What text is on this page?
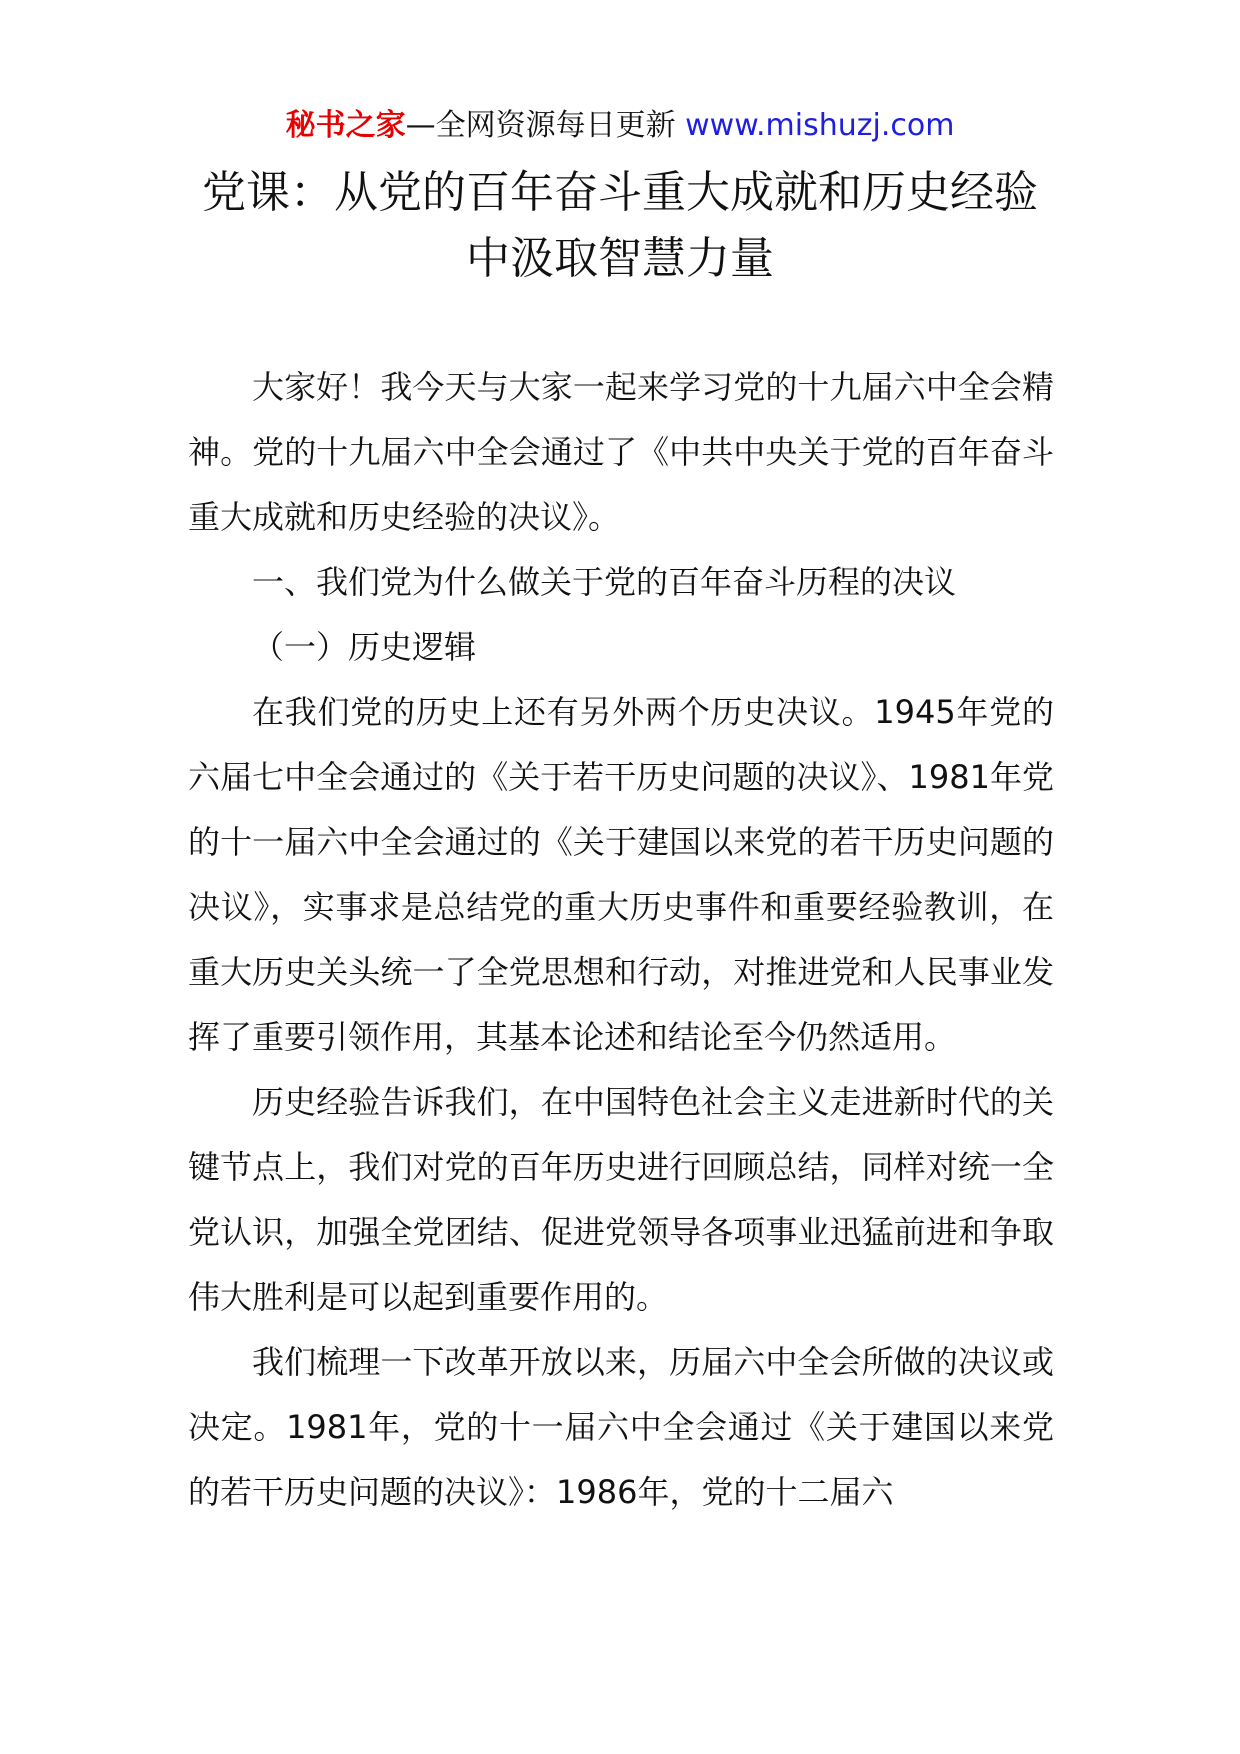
秘书之家—全网资源每日更新 www.mishuzj.com
党课：从党的百年奋斗重大成就和历史经验中汲取智慧力量

大家好！我今天与大家一起来学习党的十九届六中全会精神。党的十九届六中全会通过了《中共中央关于党的百年奋斗重大成就和历史经验的决议》。

一、我们党为什么做关于党的百年奋斗历程的决议

（一）历史逻辑

在我们党的历史上还有另外两个历史决议。1945年党的六届七中全会通过的《关于若干历史问题的决议》、1981年党的十一届六中全会通过的《关于建国以来党的若干历史问题的决议》，实事求是总结党的重大历史事件和重要经验教训，在重大历史关头统一了全党思想和行动，对推进党和人民事业发挥了重要引领作用，其基本论述和结论至今仍然适用。

历史经验告诉我们，在中国特色社会主义走进新时代的关键节点上，我们对党的百年历史进行回顾总结，同样对统一全党认识，加强全党团结、促进党领导各项事业迅猛前进和争取伟大胜利是可以起到重要作用的。

我们梳理一下改革开放以来，历届六中全会所做的决议或决定。1981年，党的十一届六中全会通过《关于建国以来党的若干历史问题的决议》：1986年，党的十二届六
